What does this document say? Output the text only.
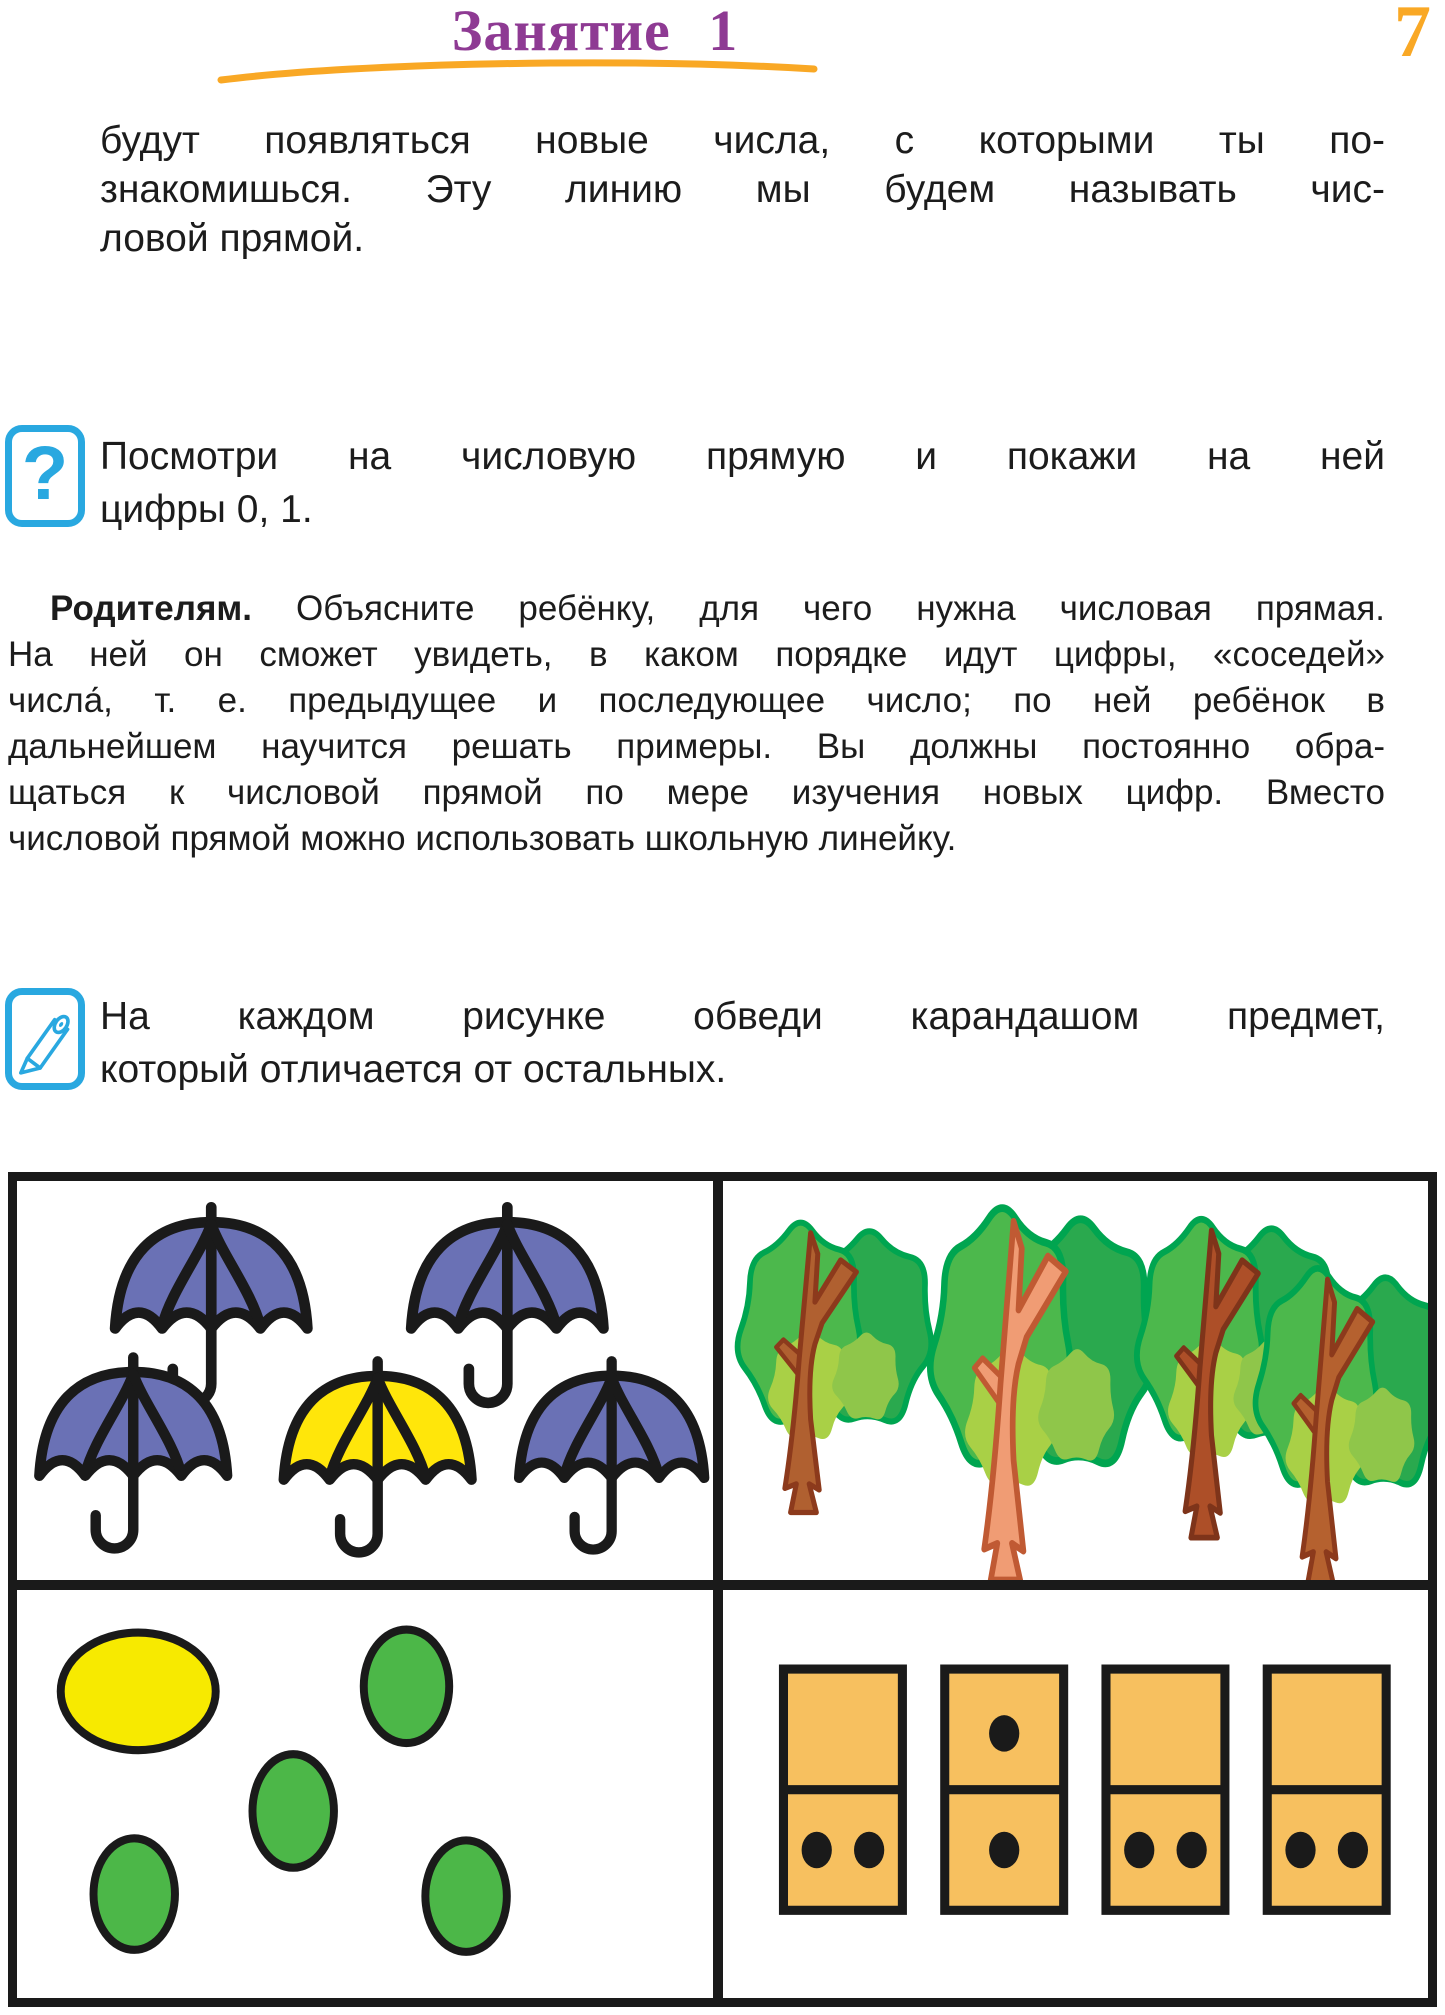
Занятие 1	7
будут появляться новые числа, с которыми ты по-
знакомишься. Эту линию мы будем называть чис-
ловой прямой.
? Посмотри на числовую прямую и покажи на ней
цифры 0, 1.
Родителям. Объясните ребёнку, для чего нужна числовая прямая.
На ней он сможет увидеть, в каком порядке идут цифры, «соседей»
числа́, т. е. предыдущее и последующее число; по ней ребёнок в
дальнейшем научится решать примеры. Вы должны постоянно обра-
щаться к числовой прямой по мере изучения новых цифр. Вместо
числовой прямой можно использовать школьную линейку.
На каждом рисунке обведи карандашом предмет,
который отличается от остальных.
